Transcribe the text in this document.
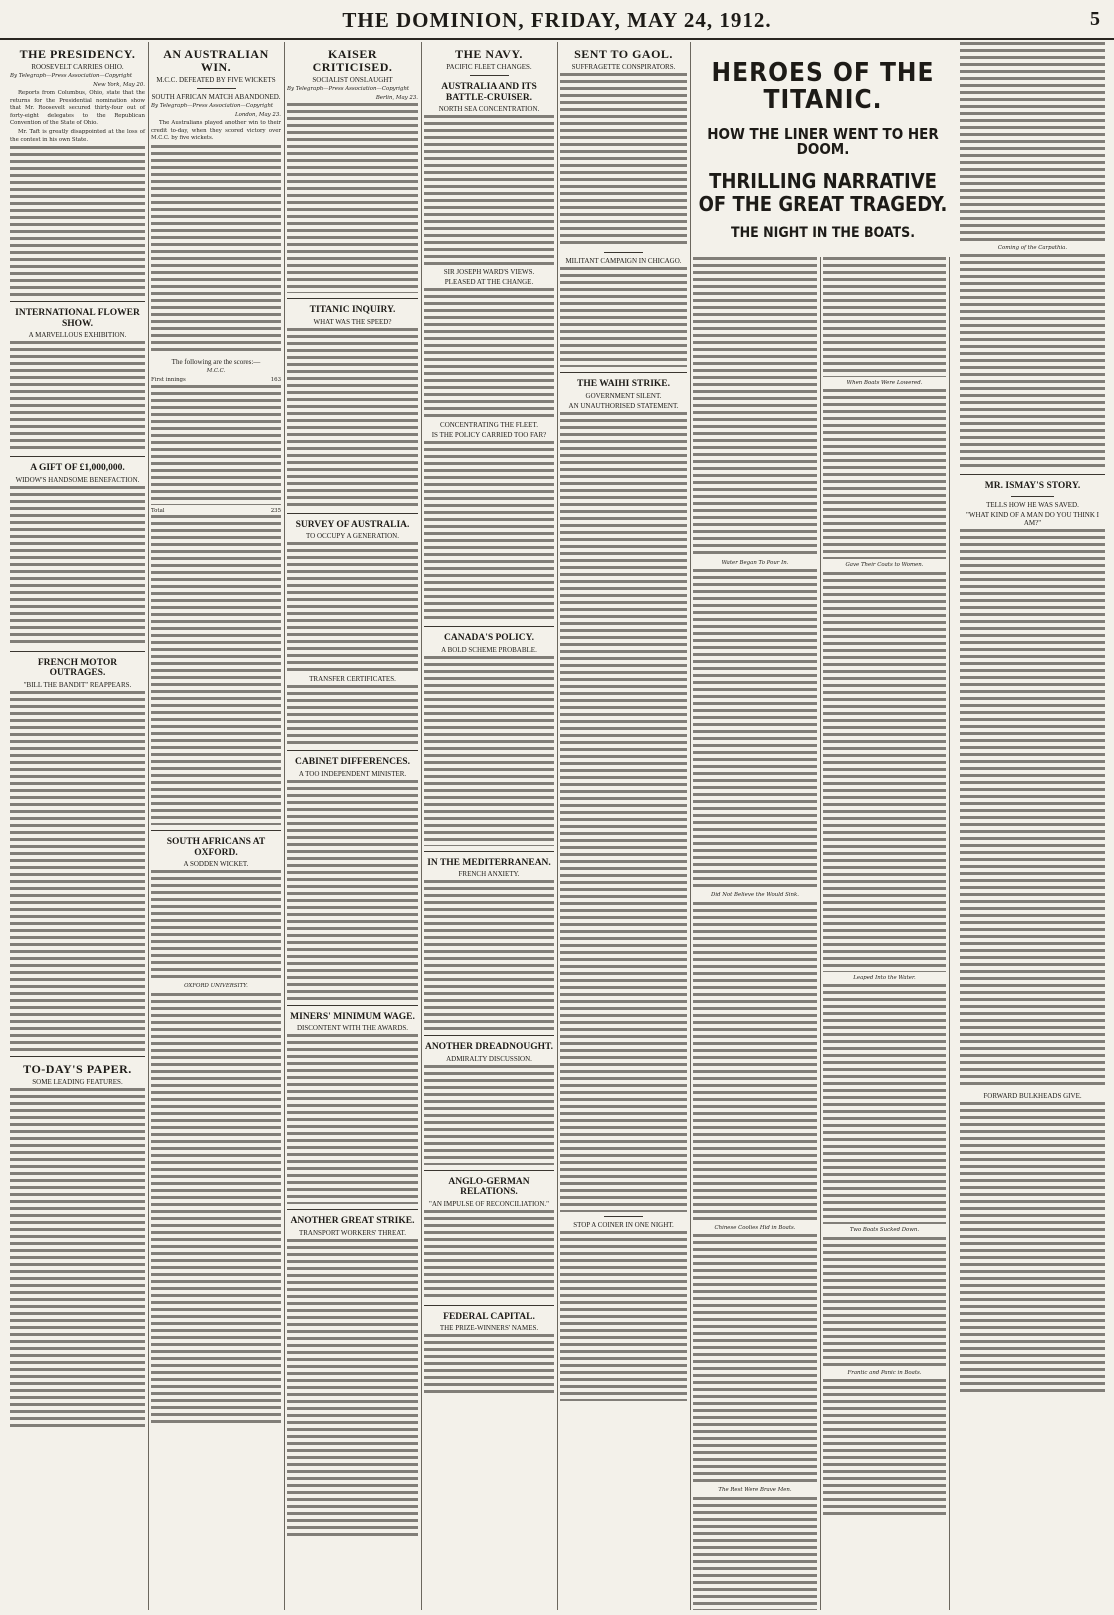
THE DOMINION, FRIDAY, MAY 24, 1912.	5
THE PRESIDENCY.
ROOSEVELT CARRIES OHIO.
By Telegraph—Press Association—Copyright
New York, May 20.

Reports from Columbus, Ohio, state that the returns for the Presidential nomination show that Mr. Roosevelt secured thirty-four out of forty-eight delegates to the Republican Convention of the State of Ohio.

Mr. Taft is greatly disappointed at the loss of the contest in his own State.

INTERNATIONAL FLOWER SHOW.
A MARVELLOUS EXHIBITION.
A GIFT OF £1,000,000.
WIDOW'S HANDSOME BENEFACTION.
FRENCH MOTOR OUTRAGES.
"BILL THE BANDIT" REAPPEARS.
TO-DAY'S PAPER.
SOME LEADING FEATURES.
AN AUSTRALIAN WIN.
M.C.C. DEFEATED BY FIVE WICKETS
SOUTH AFRICAN MATCH ABANDONED.
By Telegraph—Press Association—Copyright
London, May 23.

The Australians played another win to their credit to-day, when they scored victory over M.C.C. by five wickets.

The following are the scores:—
M.C.C.
First innings	163
Total	235
SOUTH AFRICANS AT OXFORD.
A SODDEN WICKET.
OXFORD UNIVERSITY.
KAISER CRITICISED.
SOCIALIST ONSLAUGHT
By Telegraph—Press Association—Copyright
Berlin, May 23.
TITANIC INQUIRY.
WHAT WAS THE SPEED?
SURVEY OF AUSTRALIA.
TO OCCUPY A GENERATION.
TRANSFER CERTIFICATES.
CABINET DIFFERENCES.
A TOO INDEPENDENT MINISTER.
MINERS' MINIMUM WAGE.
DISCONTENT WITH THE AWARDS.
ANOTHER GREAT STRIKE.
TRANSPORT WORKERS' THREAT.
THE NAVY.
PACIFIC FLEET CHANGES.
AUSTRALIA AND ITS BATTLE-CRUISER.
NORTH SEA CONCENTRATION.
SIR JOSEPH WARD'S VIEWS.
PLEASED AT THE CHANGE.
CONCENTRATING THE FLEET.
IS THE POLICY CARRIED TOO FAR?
CANADA'S POLICY.
A BOLD SCHEME PROBABLE.
IN THE MEDITERRANEAN.
FRENCH ANXIETY.
ANOTHER DREADNOUGHT.
ADMIRALTY DISCUSSION.
ANGLO-GERMAN RELATIONS.
"AN IMPULSE OF RECONCILIATION."
FEDERAL CAPITAL.
THE PRIZE-WINNERS' NAMES.
SENT TO GAOL.
SUFFRAGETTE CONSPIRATORS.
MILITANT CAMPAIGN IN CHICAGO.
THE WAIHI STRIKE.
GOVERNMENT SILENT.
AN UNAUTHORISED STATEMENT.
STOP A COINER IN ONE NIGHT.
HEROES OF THE TITANIC.
HOW THE LINER WENT TO HER DOOM.
THRILLING NARRATIVE OF THE GREAT TRAGEDY.
THE NIGHT IN THE BOATS.
Water Began To Pour In.
Did Not Believe the Would Sink.
Chinese Coolies Hid in Boats.
The Rest Were Brave Men.
When Boats Were Lowered.
Gave Their Coats to Women.
Leaped Into the Water.
Two Boats Sucked Down.
Frantic and Panic in Boats.
Coming of the Carpathia.
MR. ISMAY'S STORY.
TELLS HOW HE WAS SAVED.
"WHAT KIND OF A MAN DO YOU THINK I AM?"
FORWARD BULKHEADS GIVE.
